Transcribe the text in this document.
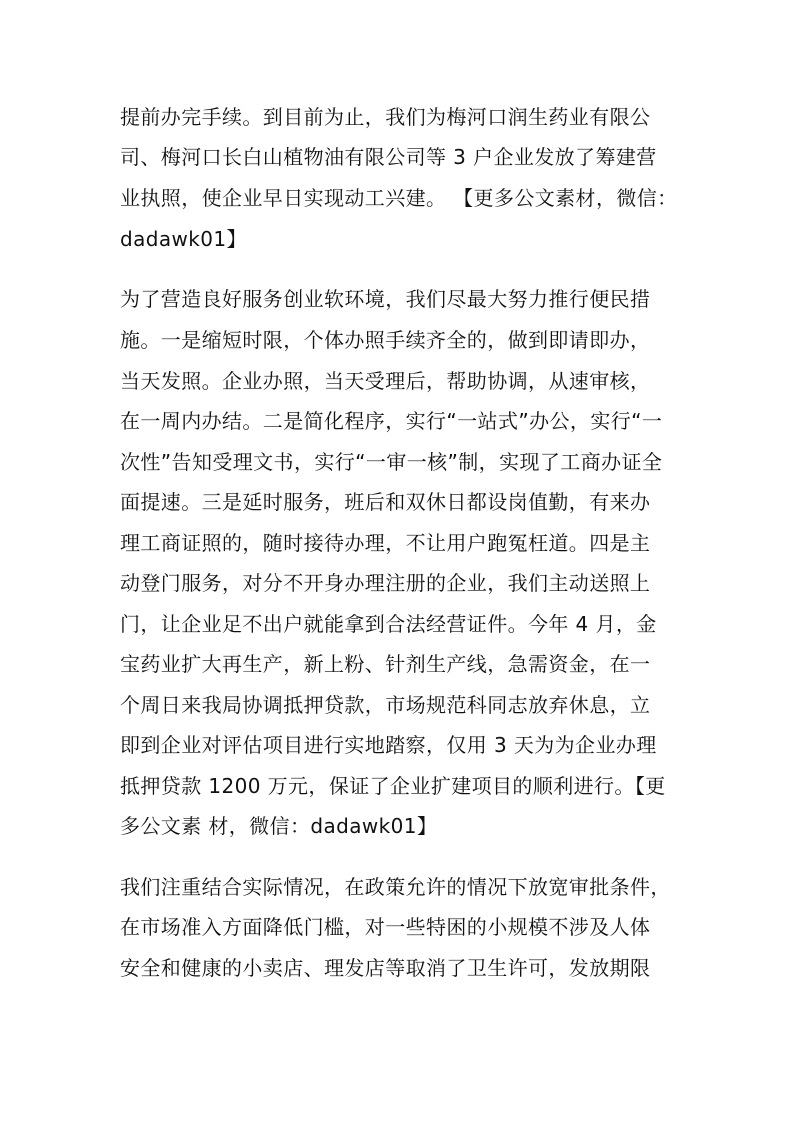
提前办完手续。到目前为止，我们为梅河口润生药业有限公
司、梅河口长白山植物油有限公司等 3 户企业发放了筹建营
业执照，使企业早日实现动工兴建。 【更多公文素材，微信：
dadawk01】
为了营造良好服务创业软环境，我们尽最大努力推行便民措
施。一是缩短时限，个体办照手续齐全的，做到即请即办，
当天发照。企业办照，当天受理后，帮助协调，从速审核，
在一周内办结。二是简化程序，实行“一站式”办公，实行“一
次性”告知受理文书，实行“一审一核”制，实现了工商办证全
面提速。三是延时服务，班后和双休日都设岗值勤，有来办
理工商证照的，随时接待办理，不让用户跑冤枉道。四是主
动登门服务，对分不开身办理注册的企业，我们主动送照上
门，让企业足不出户就能拿到合法经营证件。今年 4 月，金
宝药业扩大再生产，新上粉、针剂生产线，急需资金，在一
个周日来我局协调抵押贷款，市场规范科同志放弃休息，立
即到企业对评估项目进行实地踏察，仅用 3 天为为企业办理
抵押贷款 1200 万元，保证了企业扩建项目的顺利进行。【更
多公文素 材，微信：dadawk01】
我们注重结合实际情况，在政策允许的情况下放宽审批条件，
在市场准入方面降低门槛，对一些特困的小规模不涉及人体
安全和健康的小卖店、理发店等取消了卫生许可，发放期限
